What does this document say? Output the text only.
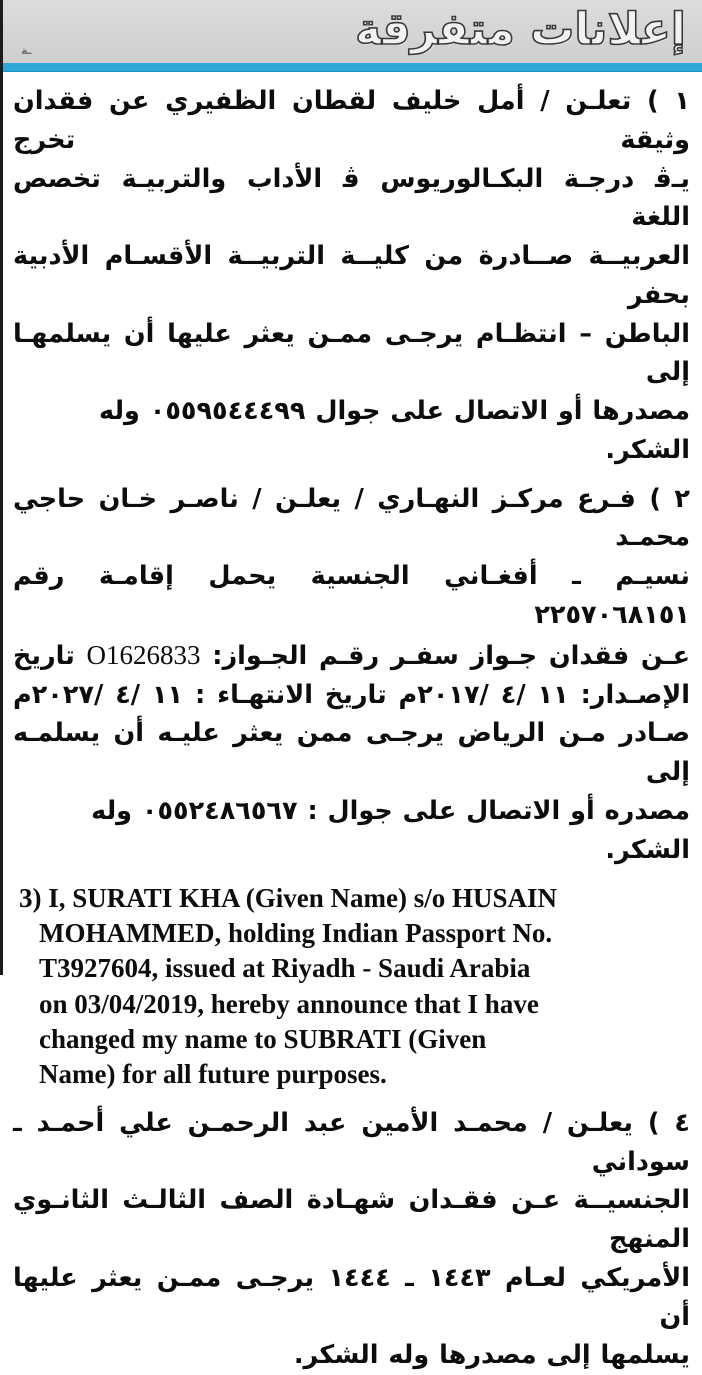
إعلانات متفرقة
ـة
١ ) تعلـن / أمل خليف لقطان الظفيري عن فقدان وثيقة تخرج
يـﭬ درجـة البكـالوريوس ﭬ الأداب والتربيـة تخصص اللغة
العربيــة صــادرة من كليــة التربيــة الأقسـام الأدبية بحفر
الباطن – انتظـام يرجـى ممـن يعثر عليها أن يسلمهـا إلى
مصدرها أو الاتصال على جوال ٠٥٥٩٥٤٤٤٩٩ وله الشكر.
٢ ) فـرع مركـز النهـاري / يعلـن / ناصـر خـان حاجي محمـد
نسيـم ـ أفغـاني الجنسية يحمل إقامـة رقم ٢٢٥٧٠٦٨١٥١
عـن فقدان جـواز سفـر رقـم الجـواز: O1626833 تاريخ
الإصـدار: ١١ /٤ /٢٠١٧م تاريخ الانتهـاء : ١١ /٤ /٢٠٢٧م
صـادر مـن الرياض يرجـى ممن يعثر عليـه أن يسلمـه إلى
مصدره أو الاتصال على جوال : ٠٥٥٢٤٨٦٥٦٧ وله الشكر.
3) I, SURATI KHA (Given Name) s/o HUSAIN
MOHAMMED, holding Indian Passport No.
T3927604, issued at Riyadh - Saudi Arabia
on 03/04/2019, hereby announce that I have
changed my name to SUBRATI (Given
Name) for all future purposes.
٤ ) يعلـن / محمـد الأمين عبد الرحمـن علي أحمـد ـ سوداني
الجنسيــة عـن فقـدان شهـادة الصف الثالـث الثانـوي المنهج
الأمريكي لعـام ١٤٤٣ ـ ١٤٤٤ يرجـى ممـن يعثر عليها أن
يسلمها إلى مصدرها وله الشكر.
